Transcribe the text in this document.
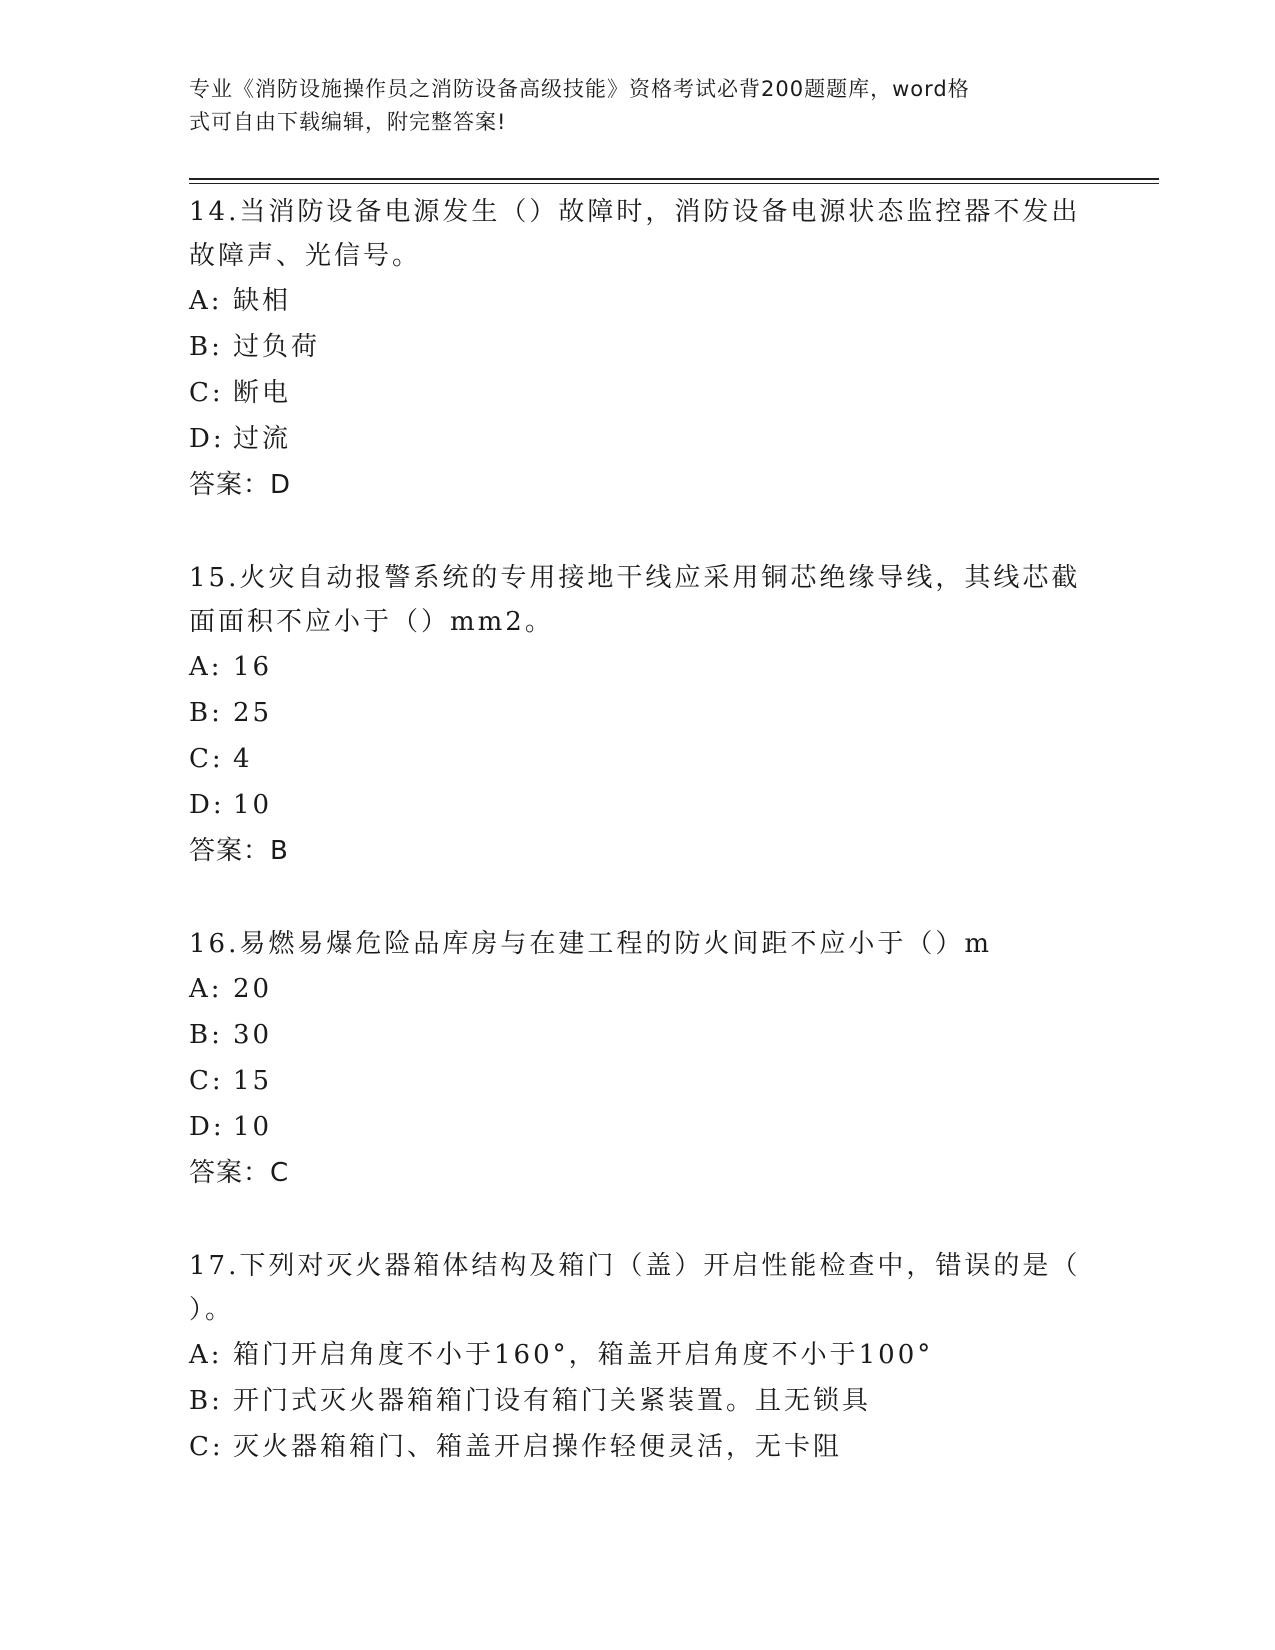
专业《消防设施操作员之消防设备高级技能》资格考试必背200题题库，word格
式可自由下载编辑，附完整答案!

14.当消防设备电源发生（）故障时，消防设备电源状态监控器不发出

故障声、光信号。

A: 缺相

B: 过负荷

C: 断电

D: 过流

答案：D

15.火灾自动报警系统的专用接地干线应采用铜芯绝缘导线，其线芯截

面面积不应小于（）mm2。

A: 16

B: 25

C: 4

D: 10

答案：B

16.易燃易爆危险品库房与在建工程的防火间距不应小于（）m

A: 20

B: 30

C: 15

D: 10

答案：C

17.下列对灭火器箱体结构及箱门（盖）开启性能检查中，错误的是（

）。

A: 箱门开启角度不小于160°，箱盖开启角度不小于100°

B: 开门式灭火器箱箱门设有箱门关紧装置。且无锁具

C: 灭火器箱箱门、箱盖开启操作轻便灵活，无卡阻
